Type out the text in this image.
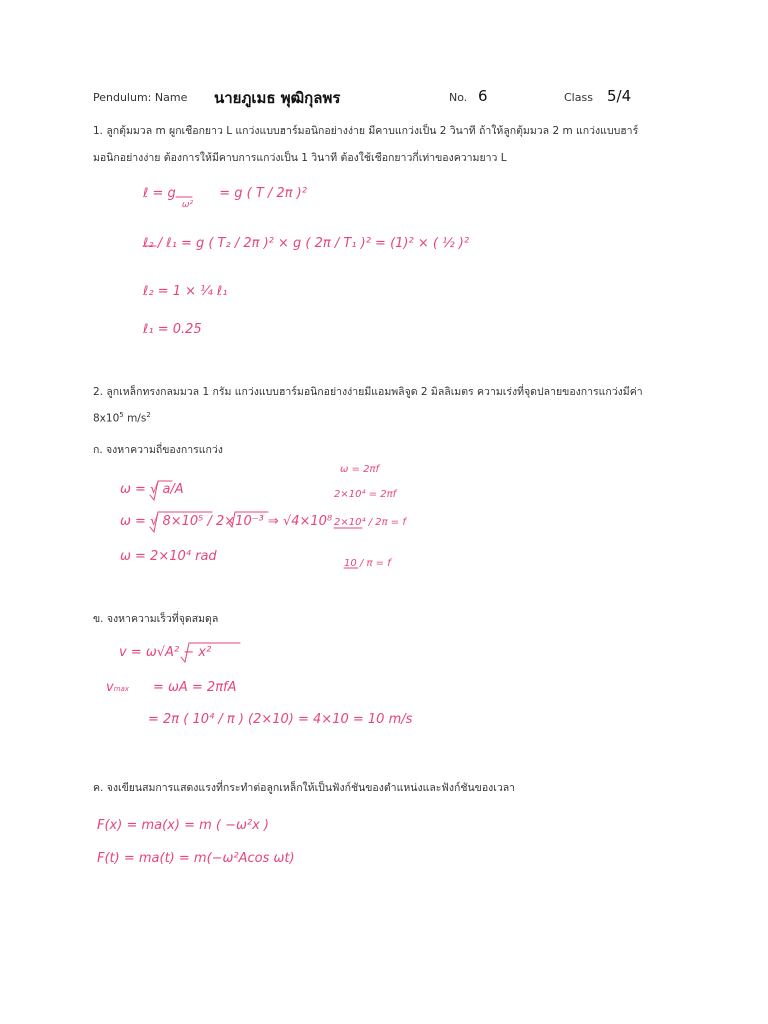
Pendulum: Name นายภูเมธ พุฒิกุลพร	No. 6	Class 5/4
1. ลูกตุ้มมวล m ผูกเชือกยาว L แกว่งแบบฮาร์มอนิกอย่างง่าย มีคาบแกว่งเป็น 2 วินาที ถ้าให้ลูกตุ้มมวล 2 m แกว่งแบบฮาร์
มอนิกอย่างง่าย ต้องการให้มีคาบการแกว่งเป็น 1 วินาที ต้องใช้เชือกยาวกี่เท่าของความยาว L
ℓ = g ω² = g ( T / 2π )²
ℓ₂ / ℓ₁ = g ( T₂ / 2π )² × g ( 2π / T₁ )² = (1)² × ( ½ )²
ℓ₂ = 1 × ¼ ℓ₁
ℓ₁ = 0.25
2. ลูกเหล็กทรงกลมมวล 1 กรัม แกว่งแบบฮาร์มอนิกอย่างง่ายมีแอมพลิจูด 2 มิลลิเมตร ความเร่งที่จุดปลายของการแกว่งมีค่า
$8x10^5$ $m/s^2$
ก. จงหาความถี่ของการแกว่ง
ω = √ a/A
ω = √ 8×10⁵ / 2×10⁻³ ⇒ √4×10⁸
ω = 2×10⁴ rad
ω = 2πf
2×10⁴ = 2πf
2×10⁴ / 2π = f
10 / π = f
ข. จงหาความเร็วที่จุดสมดุล
v = ω√A² − x²
vmax = ωA = 2πfA
= 2π ( 10⁴ / π ) (2×10) = 4×10 = 10 m/s
ค. จงเขียนสมการแสดงแรงที่กระทำต่อลูกเหล็กให้เป็นฟังก์ชันของตำแหน่งและฟังก์ชันของเวลา
F(x) = ma(x) = m ( −ω²x )
F(t) = ma(t) = m(−ω²Acos ωt)
